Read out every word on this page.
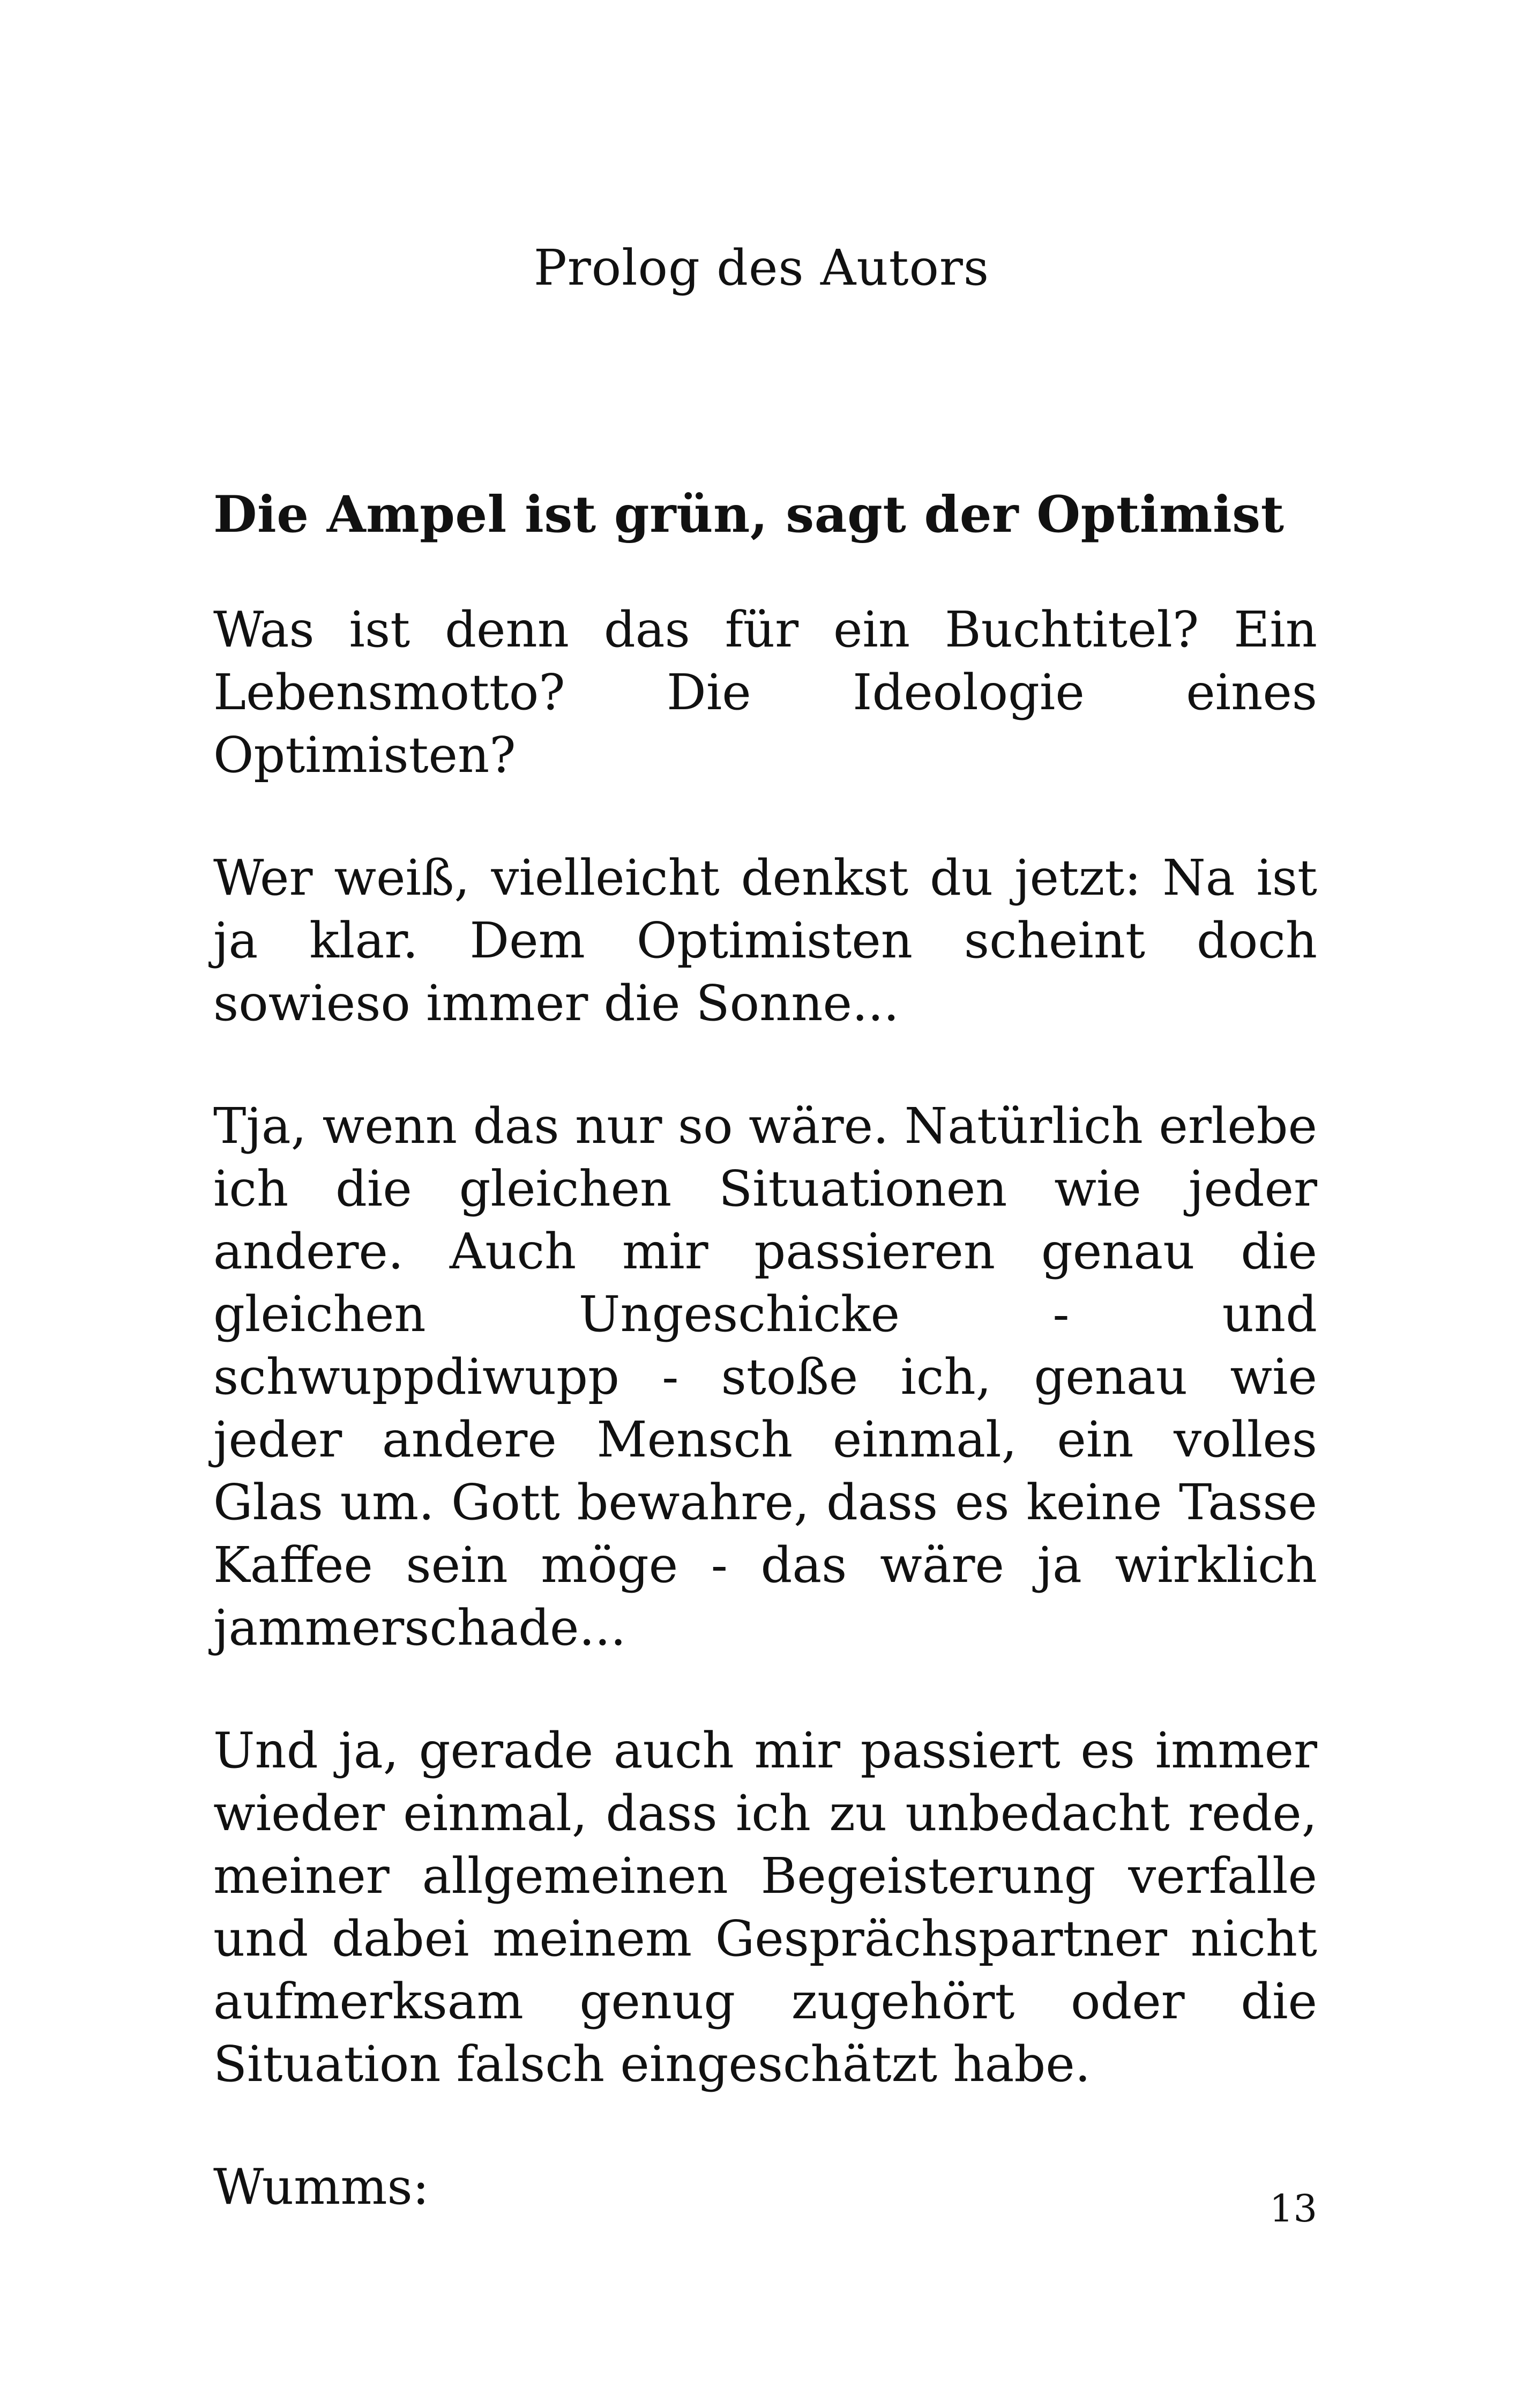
Prolog des Autors
Die Ampel ist grün, sagt der Optimist

Was ist denn das für ein Buchtitel? Ein Lebensmotto? Die Ideologie eines Optimisten?

Wer weiß, vielleicht denkst du jetzt: Na ist ja klar. Dem Optimisten scheint doch sowieso immer die Sonne...

Tja, wenn das nur so wäre. Natürlich erlebe ich die gleichen Situationen wie jeder andere. Auch mir passieren genau die gleichen Ungeschicke - und schwuppdiwupp - stoße ich, genau wie jeder andere Mensch einmal, ein volles Glas um. Gott bewahre, dass es keine Tasse Kaffee sein möge - das wäre ja wirklich jammerschade...

Und ja, gerade auch mir passiert es immer wieder einmal, dass ich zu unbedacht rede, meiner allgemeinen Begeisterung verfalle und dabei meinem Gesprächspartner nicht aufmerksam genug zugehört oder die Situation falsch eingeschätzt habe.

Wumms:	13
